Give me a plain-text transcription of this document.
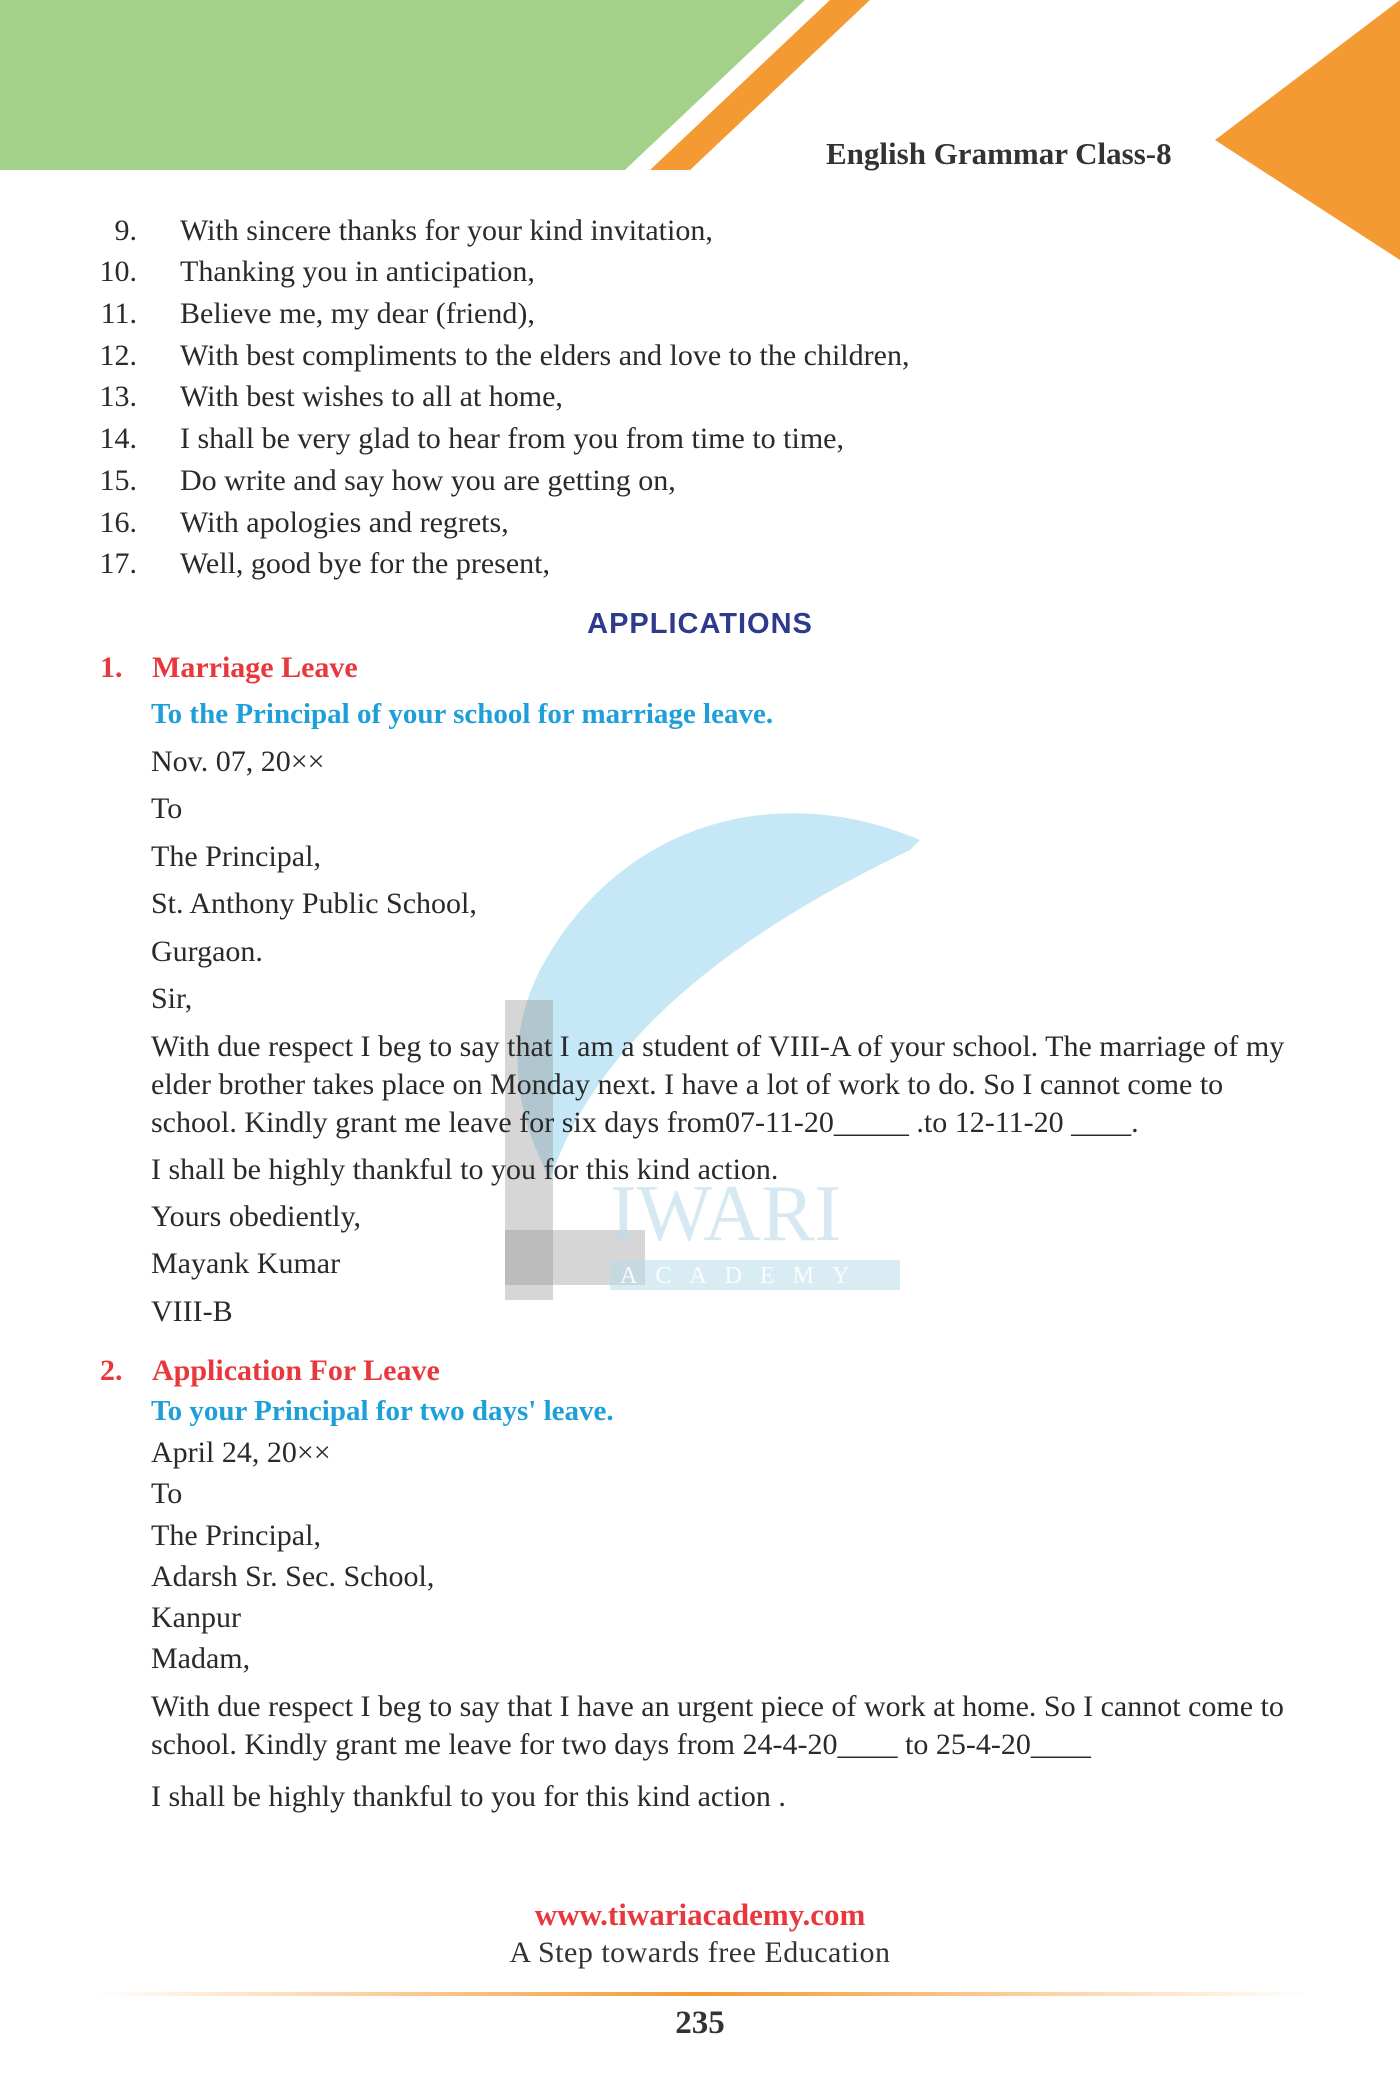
English Grammar Class-8
IWARI
ACADEMY
9. With sincere thanks for your kind invitation,
10. Thanking you in anticipation,
11. Believe me, my dear (friend),
12. With best compliments to the elders and love to the children,
13. With best wishes to all at home,
14. I shall be very glad to hear from you from time to time,
15. Do write and say how you are getting on,
16. With apologies and regrets,
17. Well, good bye for the present,
APPLICATIONS
1. Marriage Leave
To the Principal of your school for marriage leave.
Nov. 07, 20××
To
The Principal,
St. Anthony Public School,
Gurgaon.
Sir,
With due respect I beg to say that I am a student of VIII-A of your school. The marriage of my elder brother takes place on Monday next. I have a lot of work to do. So I cannot come to school. Kindly grant me leave for six days from07-11-20_____ .to 12-11-20 ____.
I shall be highly thankful to you for this kind action.
Yours obediently,
Mayank Kumar
VIII-B
2. Application For Leave
To your Principal for two days' leave.
April 24, 20××
To
The Principal,
Adarsh Sr. Sec. School,
Kanpur
Madam,
With due respect I beg to say that I have an urgent piece of work at home. So I cannot come to school. Kindly grant me leave for two days from 24-4-20____ to 25-4-20____
I shall be highly thankful to you for this kind action .
www.tiwariacademy.com
A Step towards free Education
235
